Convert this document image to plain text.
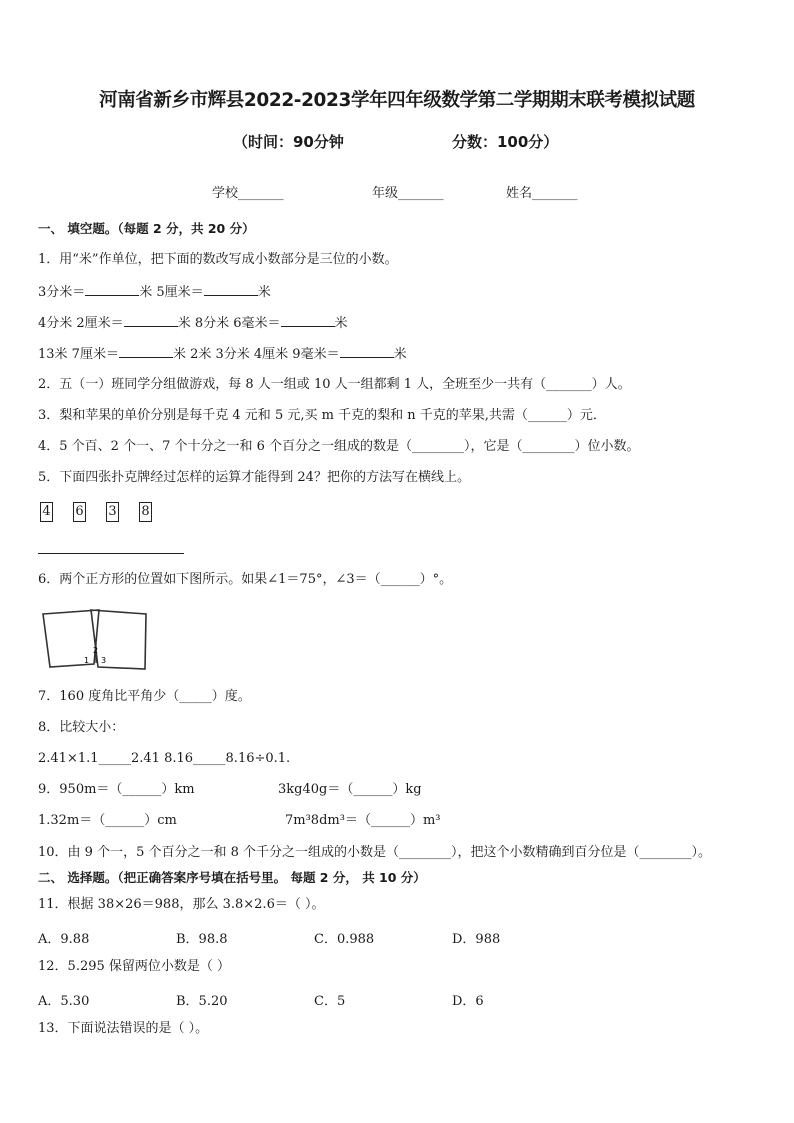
河南省新乡市辉县2022-2023学年四年级数学第二学期期末联考模拟试题
（时间：90分钟	分数：100分）
学校_______	年级_______	姓名_______
一、 填空题。（每题 2 分，共 20 分）
1．用“米”作单位，把下面的数改写成小数部分是三位的小数。
3分米＝	米 5厘米＝	米
4分米 2厘米＝	米 8分米 6毫米＝	米
13米 7厘米＝	米 2米 3分米 4厘米 9毫米＝	米
2．五（一）班同学分组做游戏，每 8 人一组或 10 人一组都剩 1 人，全班至少一共有（_______）人。
3．梨和苹果的单价分别是每千克 4 元和 5 元,买 m 千克的梨和 n 千克的苹果,共需（______）元．
4．5 个百、2 个一、7 个十分之一和 6 个百分之一组成的数是（________），它是（________）位小数。
5．下面四张扑克牌经过怎样的运算才能得到 24？把你的方法写在横线上。
4 6 3 8
6．两个正方形的位置如下图所示。如果∠1＝75°，∠3＝（______）°。
1
2
3
7．160 度角比平角少（_____）度。
8．比较大小：
2.41×1.1_____2.41 8.16_____8.16÷0.1.
9．950m＝（______）km	3kg40g＝（______）kg
1.32m＝（______）cm	7m³8dm³＝（______）m³
10．由 9 个一，5 个百分之一和 8 个千分之一组成的小数是（________），把这个小数精确到百分位是（________）。
二、 选择题。（把正确答案序号填在括号里。 每题 2 分， 共 10 分）
11．根据 38×26＝988，那么 3.8×2.6＝（ ）。
A．9.88	B．98.8	C．0.988	D．988
12．5.295 保留两位小数是（ ）
A．5.30	B．5.20	C．5	D．6
13．下面说法错误的是（ ）。
